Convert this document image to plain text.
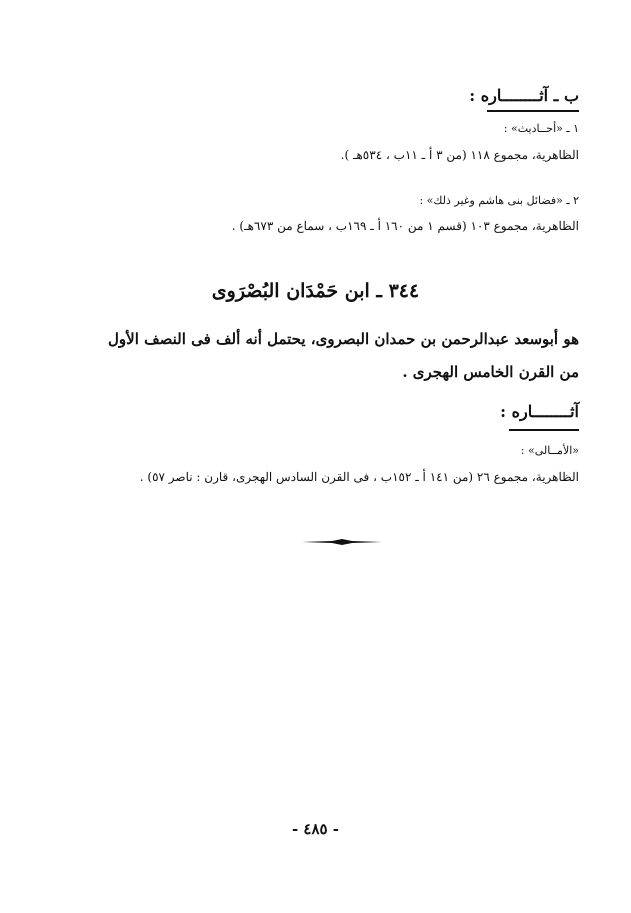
ب ـ آثــــــــاره :
١ ـ «أحــاديث» :
الظاهرية، مجموع ١١٨ (من ٣ أ ـ ١١ب ، ٥٣٤هـ ).
٢ ـ «فضائل بنى هاشم وغير ذلك» :
الظاهرية، مجموع ١٠٣ (قسم ١ من ١٦٠ أ ـ ١٦٩ب ، سماع من ٦٧٣هـ) .
٣٤٤ ـ ابن حَمْدَان البُصْرَوى
هو أبوسعد عبدالرحمن بن حمدان البصروى، يحتمل أنه ألف فى النصف الأول
من القرن الخامس الهجرى .
آثــــــــاره :
«الأمــالى» :
الظاهرية، مجموع ٢٦ (من ١٤١ أ ـ ١٥٢ب ، فى القرن السادس الهجرى، قارن : ناصر ٥٧) .
- ٤٨٥ -
